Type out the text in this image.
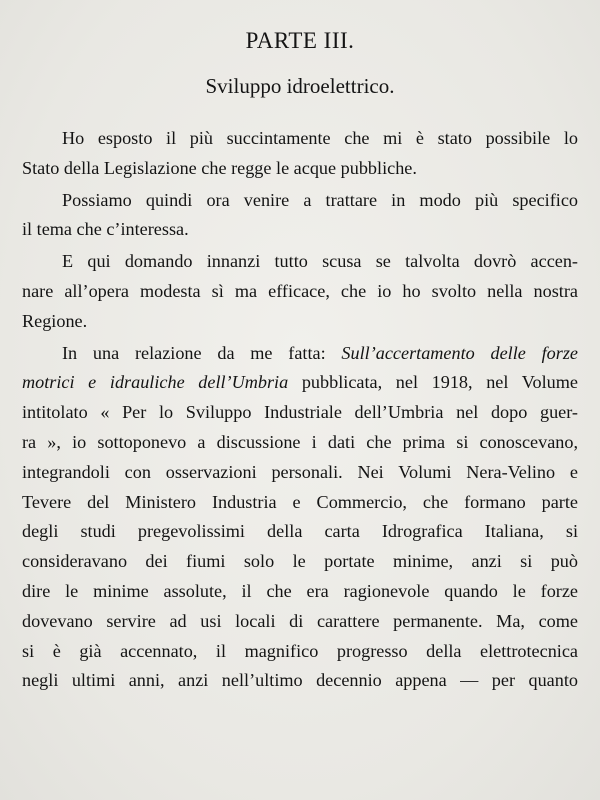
PARTE III.
Sviluppo idroelettrico.
Ho esposto il più succintamente che mi è stato possibile lo
Stato della Legislazione che regge le acque pubbliche.
Possiamo quindi ora venire a trattare in modo più specifico
il tema che c’interessa.
E qui domando innanzi tutto scusa se talvolta dovrò accen-
nare all’opera modesta sì ma efficace, che io ho svolto nella nostra
Regione.
In una relazione da me fatta: Sull’accertamento delle forze
motrici e idrauliche dell’Umbria pubblicata, nel 1918, nel Volume
intitolato « Per lo Sviluppo Industriale dell’Umbria nel dopo guer-
ra », io sottoponevo a discussione i dati che prima si conoscevano,
integrandoli con osservazioni personali. Nei Volumi Nera-Velino e
Tevere del Ministero Industria e Commercio, che formano parte
degli studi pregevolissimi della carta Idrografica Italiana, si
consideravano dei fiumi solo le portate minime, anzi si può
dire le minime assolute, il che era ragionevole quando le forze
dovevano servire ad usi locali di carattere permanente. Ma, come
si è già accennato, il magnifico progresso della elettrotecnica
negli ultimi anni, anzi nell’ultimo decennio appena — per quanto
